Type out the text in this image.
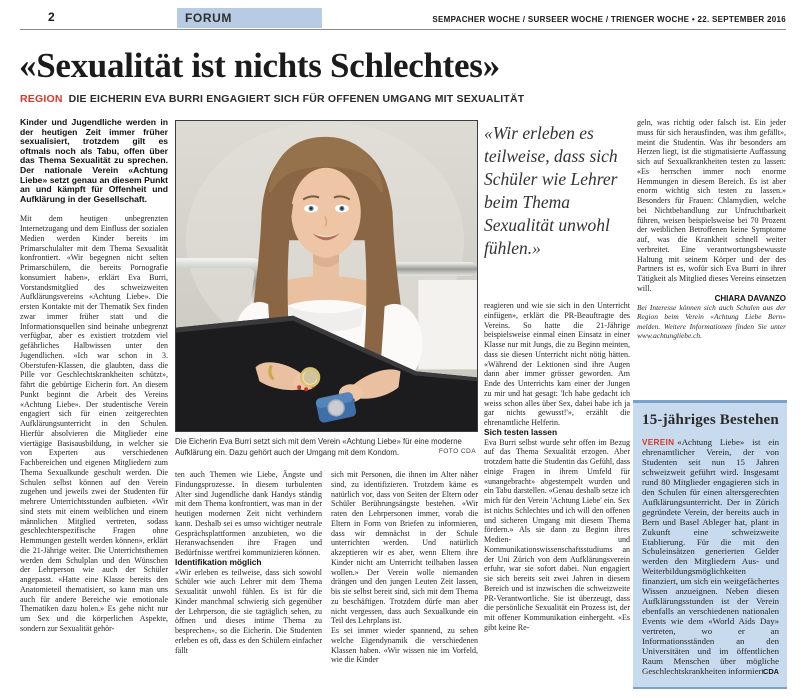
2	FORUM	SEMPACHER WOCHE / SURSEER WOCHE / TRIENGER WOCHE • 22. SEPTEMBER 2016
«Sexualität ist nichts Schlechtes»
REGION DIE EICHERIN EVA BURRI ENGAGIERT SICH FÜR OFFENEN UMGANG MIT SEXUALITÄT

Kinder und Jugendliche werden in der heutigen Zeit immer früher sexualisiert, trotzdem gilt es oftmals noch als Tabu, offen über das Thema Sexualität zu sprechen. Der nationale Verein «Achtung Liebe» setzt genau an diesem Punkt an und kämpft für Offenheit und Aufklärung in der Gesellschaft.

Mit dem heutigen unbegrenzten Internetzugang und dem Einfluss der sozialen Medien werden Kinder bereits im Primarschulalter mit dem Thema Sexualität konfrontiert. «Wir begegnen nicht selten Primarschülern, die bereits Pornografie konsumiert haben», erklärt Eva Burri, Vorstandsmitglied des schweizweiten Aufklärungsvereins «Achtung Liebe». Die ersten Kontakte mit der Thematik Sex finden zwar immer früher statt und die Informationsquellen sind beinahe unbegrenzt verfügbar, aber es existiert trotzdem viel gefährliches Halbwissen unter den Jugendlichen. «Ich war schon in 3. Oberstufen-Klassen, die glaubten, dass die Pille vor Geschlechtskrankheiten schützt», fährt die gebürtige Eicherin fort. An diesem Punkt beginnt die Arbeit des Vereins «Achtung Liebe». Der studentische Verein engagiert sich für einen zeitgerechten Aufklärungsunterricht in den Schulen. Hierfür absolvieren die Mitglieder eine viertägige Basisausbildung, in welcher sie von Experten aus verschiedenen Fachbereichen und eigenen Mitgliedern zum Thema Sexualkunde geschult werden. Die Schulen selbst können auf den Verein zugehen und jeweils zwei der Studenten für mehrere Unterrichtsstunden aufbieten. «Wir sind stets mit einem weiblichen und einem männlichen Mitglied vertreten, sodass geschlechterspezifische Fragen ohne Hemmungen gestellt werden können», erklärt die 21-Jährige weiter. Die Unterrichtsthemen werden dem Schulplan und den Wünschen der Lehrperson wie auch der Schüler angepasst. «Hatte eine Klasse bereits den Anatomieteil thematisiert, so kann man uns auch für andere Bereiche wie emotionale Thematiken dazu holen.» Es gehe nicht nur um Sex und die körperlichen Aspekte, sondern zur Sexualität gehör-

Die Eicherin Eva Burri setzt sich mit dem Verein «Achtung Liebe» für eine moderne Aufklärung ein. Dazu gehört auch der Umgang mit dem Kondom.	FOTO CDA

ten auch Themen wie Liebe, Ängste und Findungsprozesse. In diesem turbulenten Alter sind Jugendliche dank Handys ständig mit dem Thema konfrontiert, was man in der heutigen modernen Zeit nicht verhindern kann. Deshalb sei es umso wichtiger neutrale Gesprächsplattformen anzubieten, wo die Heranwachsenden ihre Fragen und Bedürfnisse wertfrei kommunizieren können.

Identifikation möglich

«Wir erleben es teilweise, dass sich sowohl Schüler wie auch Lehrer mit dem Thema Sexualität unwohl fühlen. Es ist für die Kinder manchmal schwierig sich gegenüber der Lehrperson, die sie tagtäglich sehen, zu öffnen und dieses intime Thema zu besprechen», so die Eicherin. Die Studenten erleben es oft, dass es den Schülern einfacher fällt

sich mit Personen, die ihnen im Alter näher sind, zu identifizieren. Trotzdem käme es natürlich vor, dass von Seiten der Eltern oder Schüler Berührungsängste bestehen. «Wir raten den Lehrpersonen immer, vorab die Eltern in Form von Briefen zu informieren, dass wir demnächst in der Schule unterrichten werden. Und natürlich akzeptieren wir es aber, wenn Eltern ihre Kinder nicht am Unterricht teilhaben lassen wollen.» Der Verein wolle niemanden drängen und den jungen Leuten Zeit lassen, bis sie selbst bereit sind, sich mit dem Thema zu beschäftigen. Trotzdem dürfe man aber nicht vergessen, dass auch Sexualkunde ein Teil des Lehrplans ist.

Es sei immer wieder spannend, zu sehen welche Eigendynamik die verschiedenen Klassen haben. «Wir wissen nie im Vorfeld, wie die Kinder

«Wir erleben es teilweise, dass sich Schüler wie Lehrer beim Thema Sexualität unwohl fühlen.»

reagieren und wie sie sich in den Unterricht einfügen», erklärt die PR-Beauftragte des Vereins. So hatte die 21-Jährige beispielsweise einmal einen Einsatz in einer Klasse nur mit Jungs, die zu Beginn meinten, dass sie diesen Unterricht nicht nötig hätten. «Während der Lektionen sind ihre Augen dann aber immer grösser geworden. Am Ende des Unterrichts kam einer der Jungen zu mir und hat gesagt: 'Ich habe gedacht ich weiss schon alles über Sex, dabei habe ich ja gar nichts gewusst!'», erzählt die ehrenamtliche Helferin.

Sich testen lassen

Eva Burri selbst wurde sehr offen im Bezug auf das Thema Sexualität erzogen. Aber trotzdem hatte die Studentin das Gefühl, dass einige Fragen in ihrem Umfeld für «unangebracht» abgestempelt wurden und ein Tabu darstellen. «Genau deshalb setze ich mich für den Verein 'Achtung Liebe' ein. Sex ist nichts Schlechtes und ich will den offenen und sicheren Umgang mit diesem Thema fördern.» Als sie dann zu Beginn ihres Medien- und Kommunikationswissenschaftsstudiums an der Uni Zürich von dem Aufklärungsverein erfuhr, war sie sofort dabei. Nun engagiert sie sich bereits seit zwei Jahren in diesem Bereich und ist inzwischen die schweizweite PR-Verantwortliche. Sie ist überzeugt, dass die persönliche Sexualität ein Prozess ist, der mit offener Kommunikation einhergeht. «Es gibt keine Re-

geln, was richtig oder falsch ist. Ein jeder muss für sich herausfinden, was ihm gefällt», meint die Studentin. Was ihr besonders am Herzen liegt, ist die stigmatisierte Auffassung sich auf Sexualkrankheiten testen zu lassen: «Es herrschen immer noch enorme Hemmungen in diesem Bereich. Es ist aber enorm wichtig sich testen zu lassen.» Besonders für Frauen: Chlamydien, welche bei Nichtbehandlung zur Unfruchtbarkeit führen, weisen beispielsweise bei 70 Prozent der weiblichen Betroffenen keine Symptome auf, was die Krankheit schnell weiter verbreitet. Eine verantwortungsbewusste Haltung mit seinem Körper und der des Partners ist es, wofür sich Eva Burri in ihrer Tätigkeit als Mitglied dieses Vereins einsetzen will.

CHIARA DAVANZO

Bei Interesse können sich auch Schulen aus der Region beim Verein «Achtung Liebe Bern» melden. Weitere Informationen finden Sie unter www.achtungliebe.ch.

15-jähriges Bestehen
VEREIN «Achtung Liebe» ist ein ehrenamtlicher Verein, der von Studenten seit nun 15 Jahren schweizweit geführt wird. Insgesamt rund 80 Mitglieder engagieren sich in den Schulen für einen altersgerechten Aufklärungsunterricht. Der in Zürich gegründete Verein, der bereits auch in Bern und Basel Ableger hat, plant in Zukunft eine schweizweite Etablierung. Für die mit den Schuleinsätzen generierten Gelder werden den Mitgliedern Aus- und Weiterbildungsmöglichkeiten finanziert, um sich ein weitgefächertes Wissen anzueignen. Neben diesen Aufklärungsstunden ist der Verein ebenfalls an verschiedenen nationalen Events wie dem «World Aids Day» vertreten, wo er an Informationsständen an den Universitäten und im öffentlichen Raum Menschen über mögliche Geschlechtskrankheiten informiert.
CDA
